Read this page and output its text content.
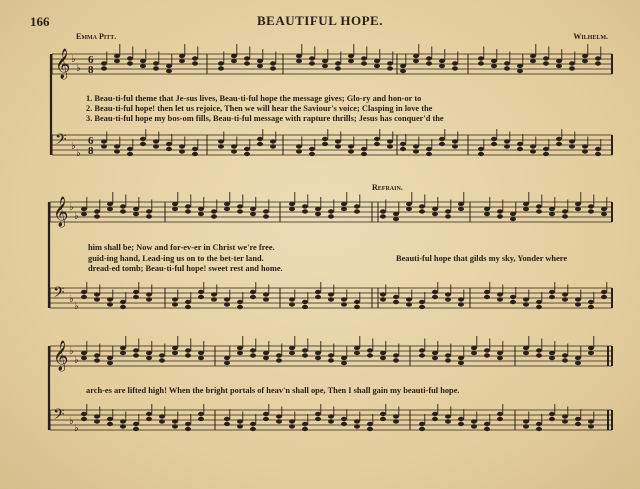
𝄞 ♭
♭
𝄢 ♭
♭
6
6
8
8
𝄞 ♭
♭
𝄢 ♭
♭
𝄞 ♭
♭
𝄢 ♭
♭
166	BEAUTIFUL HOPE.
Emma Pitt.	Wilhelm.
1. Beau-ti-ful theme that Je-sus lives, Beau-ti-ful hope the message gives; Glo-ry and hon-or to
2. Beau-ti-ful hope! then let us rejoice, Then we will hear the Saviour's voice; Clasping in love the
3. Beau-ti-ful hope my bos-om fills, Beau-ti-ful message with rapture thrills; Jesus has conquer'd the
Refrain.
him shall be; Now and for-ev-er in Christ we're free.
guid-ing hand, Lead-ing us on to the bet-ter land.
dread-ed tomb; Beau-ti-ful hope! sweet rest and home.
Beauti-ful hope that gilds my sky, Yonder where
arch-es are lifted high! When the bright portals of heav'n shall ope, Then I shall gain my beauti-ful hope.
